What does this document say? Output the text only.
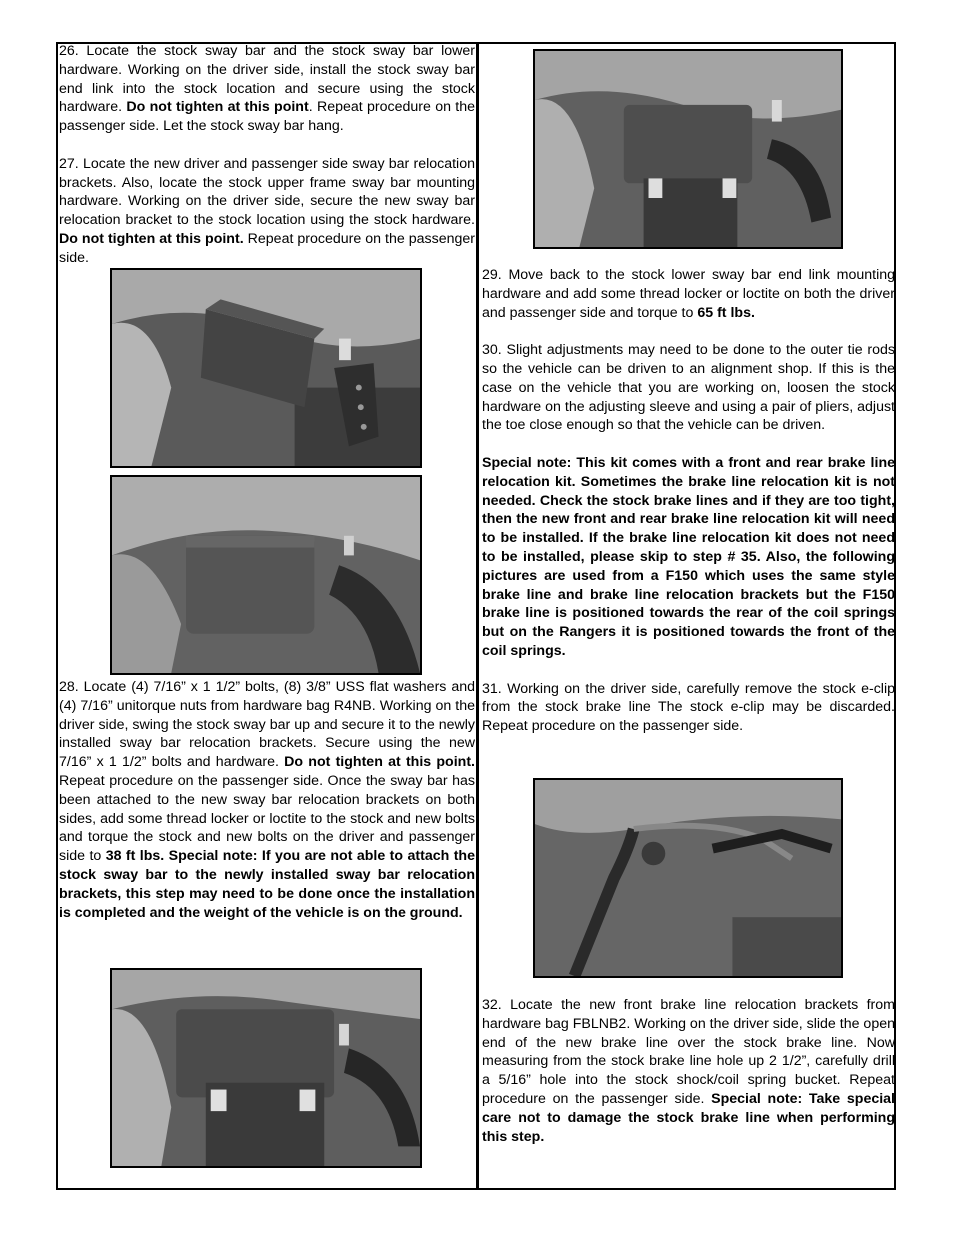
26. Locate the stock sway bar and the stock sway bar lower hardware. Working on the driver side, install the stock sway bar end link into the stock location and secure using the stock hardware. Do not tighten at this point. Repeat procedure on the passenger side. Let the stock sway bar hang.

27. Locate the new driver and passenger side sway bar relocation brackets. Also, locate the stock upper frame sway bar mounting hardware. Working on the driver side, secure the new sway bar relocation bracket to the stock location using the stock hardware. Do not tighten at this point. Repeat procedure on the passenger side.

28. Locate (4) 7/16” x 1 1/2” bolts, (8) 3/8” USS flat washers and (4) 7/16” unitorque nuts from hardware bag R4NB. Working on the driver side, swing the stock sway bar up and secure it to the newly installed sway bar relocation brackets. Secure using the new 7/16” x 1 1/2” bolts and hardware. Do not tighten at this point. Repeat procedure on the passenger side. Once the sway bar has been attached to the new sway bar relocation brackets on both sides, add some thread locker or loctite to the stock and new bolts and torque the stock and new bolts on the driver and passenger side to 38 ft lbs. Special note: If you are not able to attach the stock sway bar to the newly installed sway bar relocation brackets, this step may need to be done once the installation is completed and the weight of the vehicle is on the ground.

29. Move back to the stock lower sway bar end link mounting hardware and add some thread locker or loctite on both the driver and passenger side and torque to 65 ft lbs.

30. Slight adjustments may need to be done to the outer tie rods so the vehicle can be driven to an alignment shop. If this is the case on the vehicle that you are working on, loosen the stock hardware on the adjusting sleeve and using a pair of pliers, adjust the toe close enough so that the vehicle can be driven.

Special note: This kit comes with a front and rear brake line relocation kit. Sometimes the brake line relocation kit is not needed. Check the stock brake lines and if they are too tight, then the new front and rear brake line relocation kit will need to be installed. If the brake line relocation kit does not need to be installed, please skip to step # 35. Also, the following pictures are used from a F150 which uses the same style brake line and brake line relocation brackets but the F150 brake line is positioned towards the rear of the coil springs but on the Rangers it is positioned towards the front of the coil springs.

31. Working on the driver side, carefully remove the stock e-clip from the stock brake line The stock e-clip may be discarded. Repeat procedure on the passenger side.

32. Locate the new front brake line relocation brackets from hardware bag FBLNB2. Working on the driver side, slide the open end of the new brake line over the stock brake line. Now measuring from the stock brake line hole up 2 1/2”, carefully drill a 5/16” hole into the stock shock/coil spring bucket. Repeat procedure on the passenger side. Special note: Take special care not to damage the stock brake line when performing this step.
